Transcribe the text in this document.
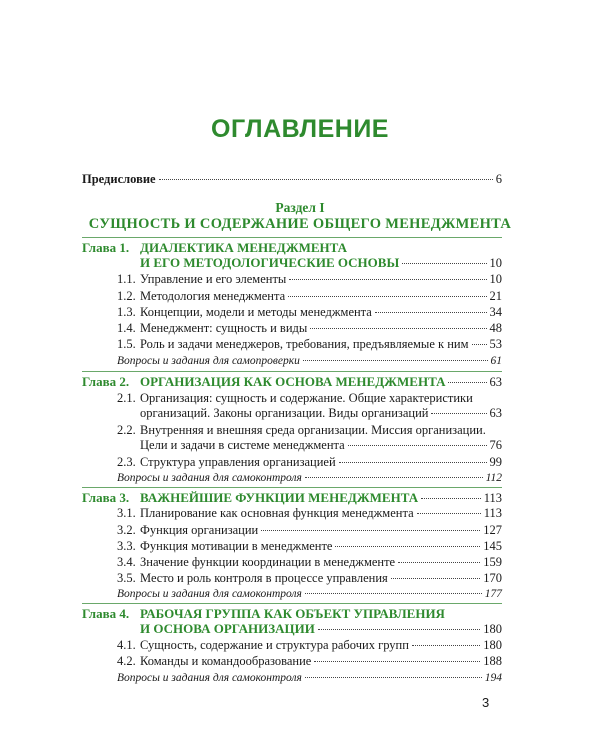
ОГЛАВЛЕНИЕ
Предисловие	6
Раздел I
СУЩНОСТЬ И СОДЕРЖАНИЕ ОБЩЕГО МЕНЕДЖМЕНТА
Глава 1. ДИАЛЕКТИКА МЕНЕДЖМЕНТА
И ЕГО МЕТОДОЛОГИЧЕСКИЕ ОСНОВЫ	10
1.1. Управление и его элементы	10
1.2. Методология менеджмента	21
1.3. Концепции, модели и методы менеджмента	34
1.4. Менеджмент: сущность и виды	48
1.5. Роль и задачи менеджеров, требования, предъявляемые к ним 53
Вопросы и задания для самопроверки	61
Глава 2. ОРГАНИЗАЦИЯ КАК ОСНОВА МЕНЕДЖМЕНТА	63
2.1. Организация: сущность и содержание. Общие характеристики
организаций. Законы организации. Виды организаций	63
2.2. Внутренняя и внешняя среда организации. Миссия организации.
Цели и задачи в системе менеджмента	76
2.3. Структура управления организацией	99
Вопросы и задания для самоконтроля	112
Глава 3. ВАЖНЕЙШИЕ ФУНКЦИИ МЕНЕДЖМЕНТА	113
3.1. Планирование как основная функция менеджмента	113
3.2. Функция организации	127
3.3. Функция мотивации в менеджменте	145
3.4. Значение функции координации в менеджменте	159
3.5. Место и роль контроля в процессе управления	170
Вопросы и задания для самоконтроля	177
Глава 4. РАБОЧАЯ ГРУППА КАК ОБЪЕКТ УПРАВЛЕНИЯ
И ОСНОВА ОРГАНИЗАЦИИ	180
4.1. Сущность, содержание и структура рабочих групп	180
4.2. Команды и командообразование	188
Вопросы и задания для самоконтроля	194
3
